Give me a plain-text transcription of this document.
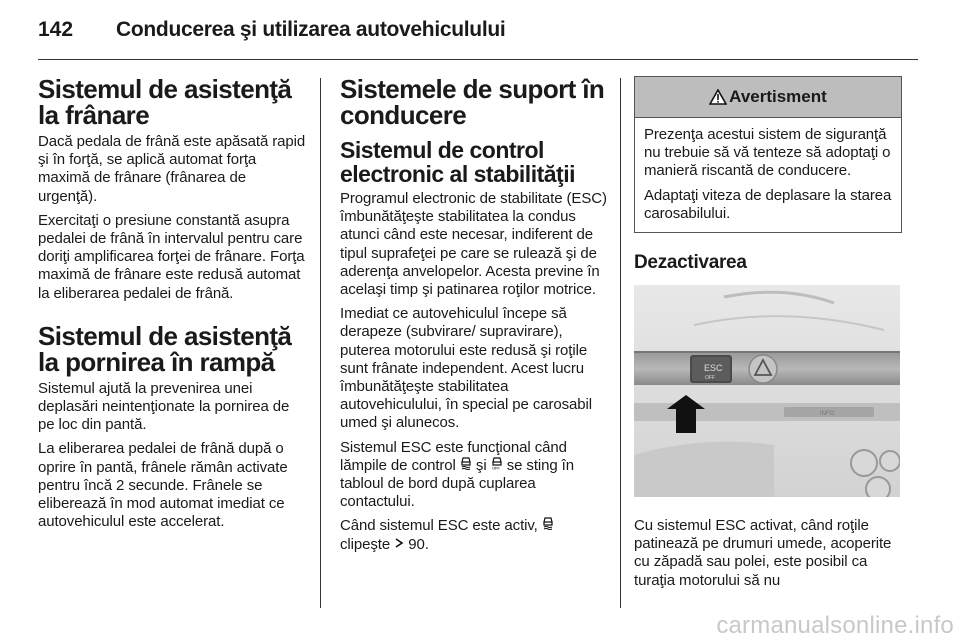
142 Conducerea şi utilizarea autovehiculului
Sistemul de asistenţă la frânare

Dacă pedala de frână este apăsată rapid şi în forţă, se aplică automat forţa maximă de frânare (frânarea de urgenţă).

Exercitaţi o presiune constantă asupra pedalei de frână în intervalul pentru care doriţi amplificarea forţei de frânare. Forţa maximă de frânare este redusă automat la eliberarea pedalei de frână.

Sistemul de asistenţă la pornirea în rampă

Sistemul ajută la prevenirea unei deplasări neintenţionate la pornirea de pe loc din pantă.

La eliberarea pedalei de frână după o oprire în pantă, frânele rămân activate pentru încă 2 secunde. Frânele se eliberează în mod automat imediat ce autovehiculul este accelerat.

Sistemele de suport în conducere
Sistemul de control electronic al stabilităţii

Programul electronic de stabilitate (ESC) îmbunătăţeşte stabilitatea la condus atunci când este necesar, indiferent de tipul suprafeţei pe care se rulează şi de aderenţa anvelopelor. Acesta previne în acelaşi timp şi patinarea roţilor motrice.

Imediat ce autovehiculul începe să derapeze (subvirare/ supravirare), puterea motorului este redusă şi roţile sunt frânate independent. Acest lucru îmbunătăţeşte stabilitatea autovehiculului, în special pe carosabil umed şi alunecos.

Sistemul ESC este funcţional când lămpile de control şi OFF se sting în tabloul de bord după cuplarea contactului.

Când sistemul ESC este activ,
clipeşte 90.

Avertisment

Prezenţa acestui sistem de siguranţă nu trebuie să vă tenteze să adoptaţi o manieră riscantă de conducere.

Adaptaţi viteza de deplasare la starea carosabilului.

Dezactivarea

Cu sistemul ESC activat, când roţile patinează pe drumuri umede, acoperite cu zăpadă sau polei, este posibil ca turaţia motorului să nu

ESC
OFF
INFO
carmanualsonline.info
